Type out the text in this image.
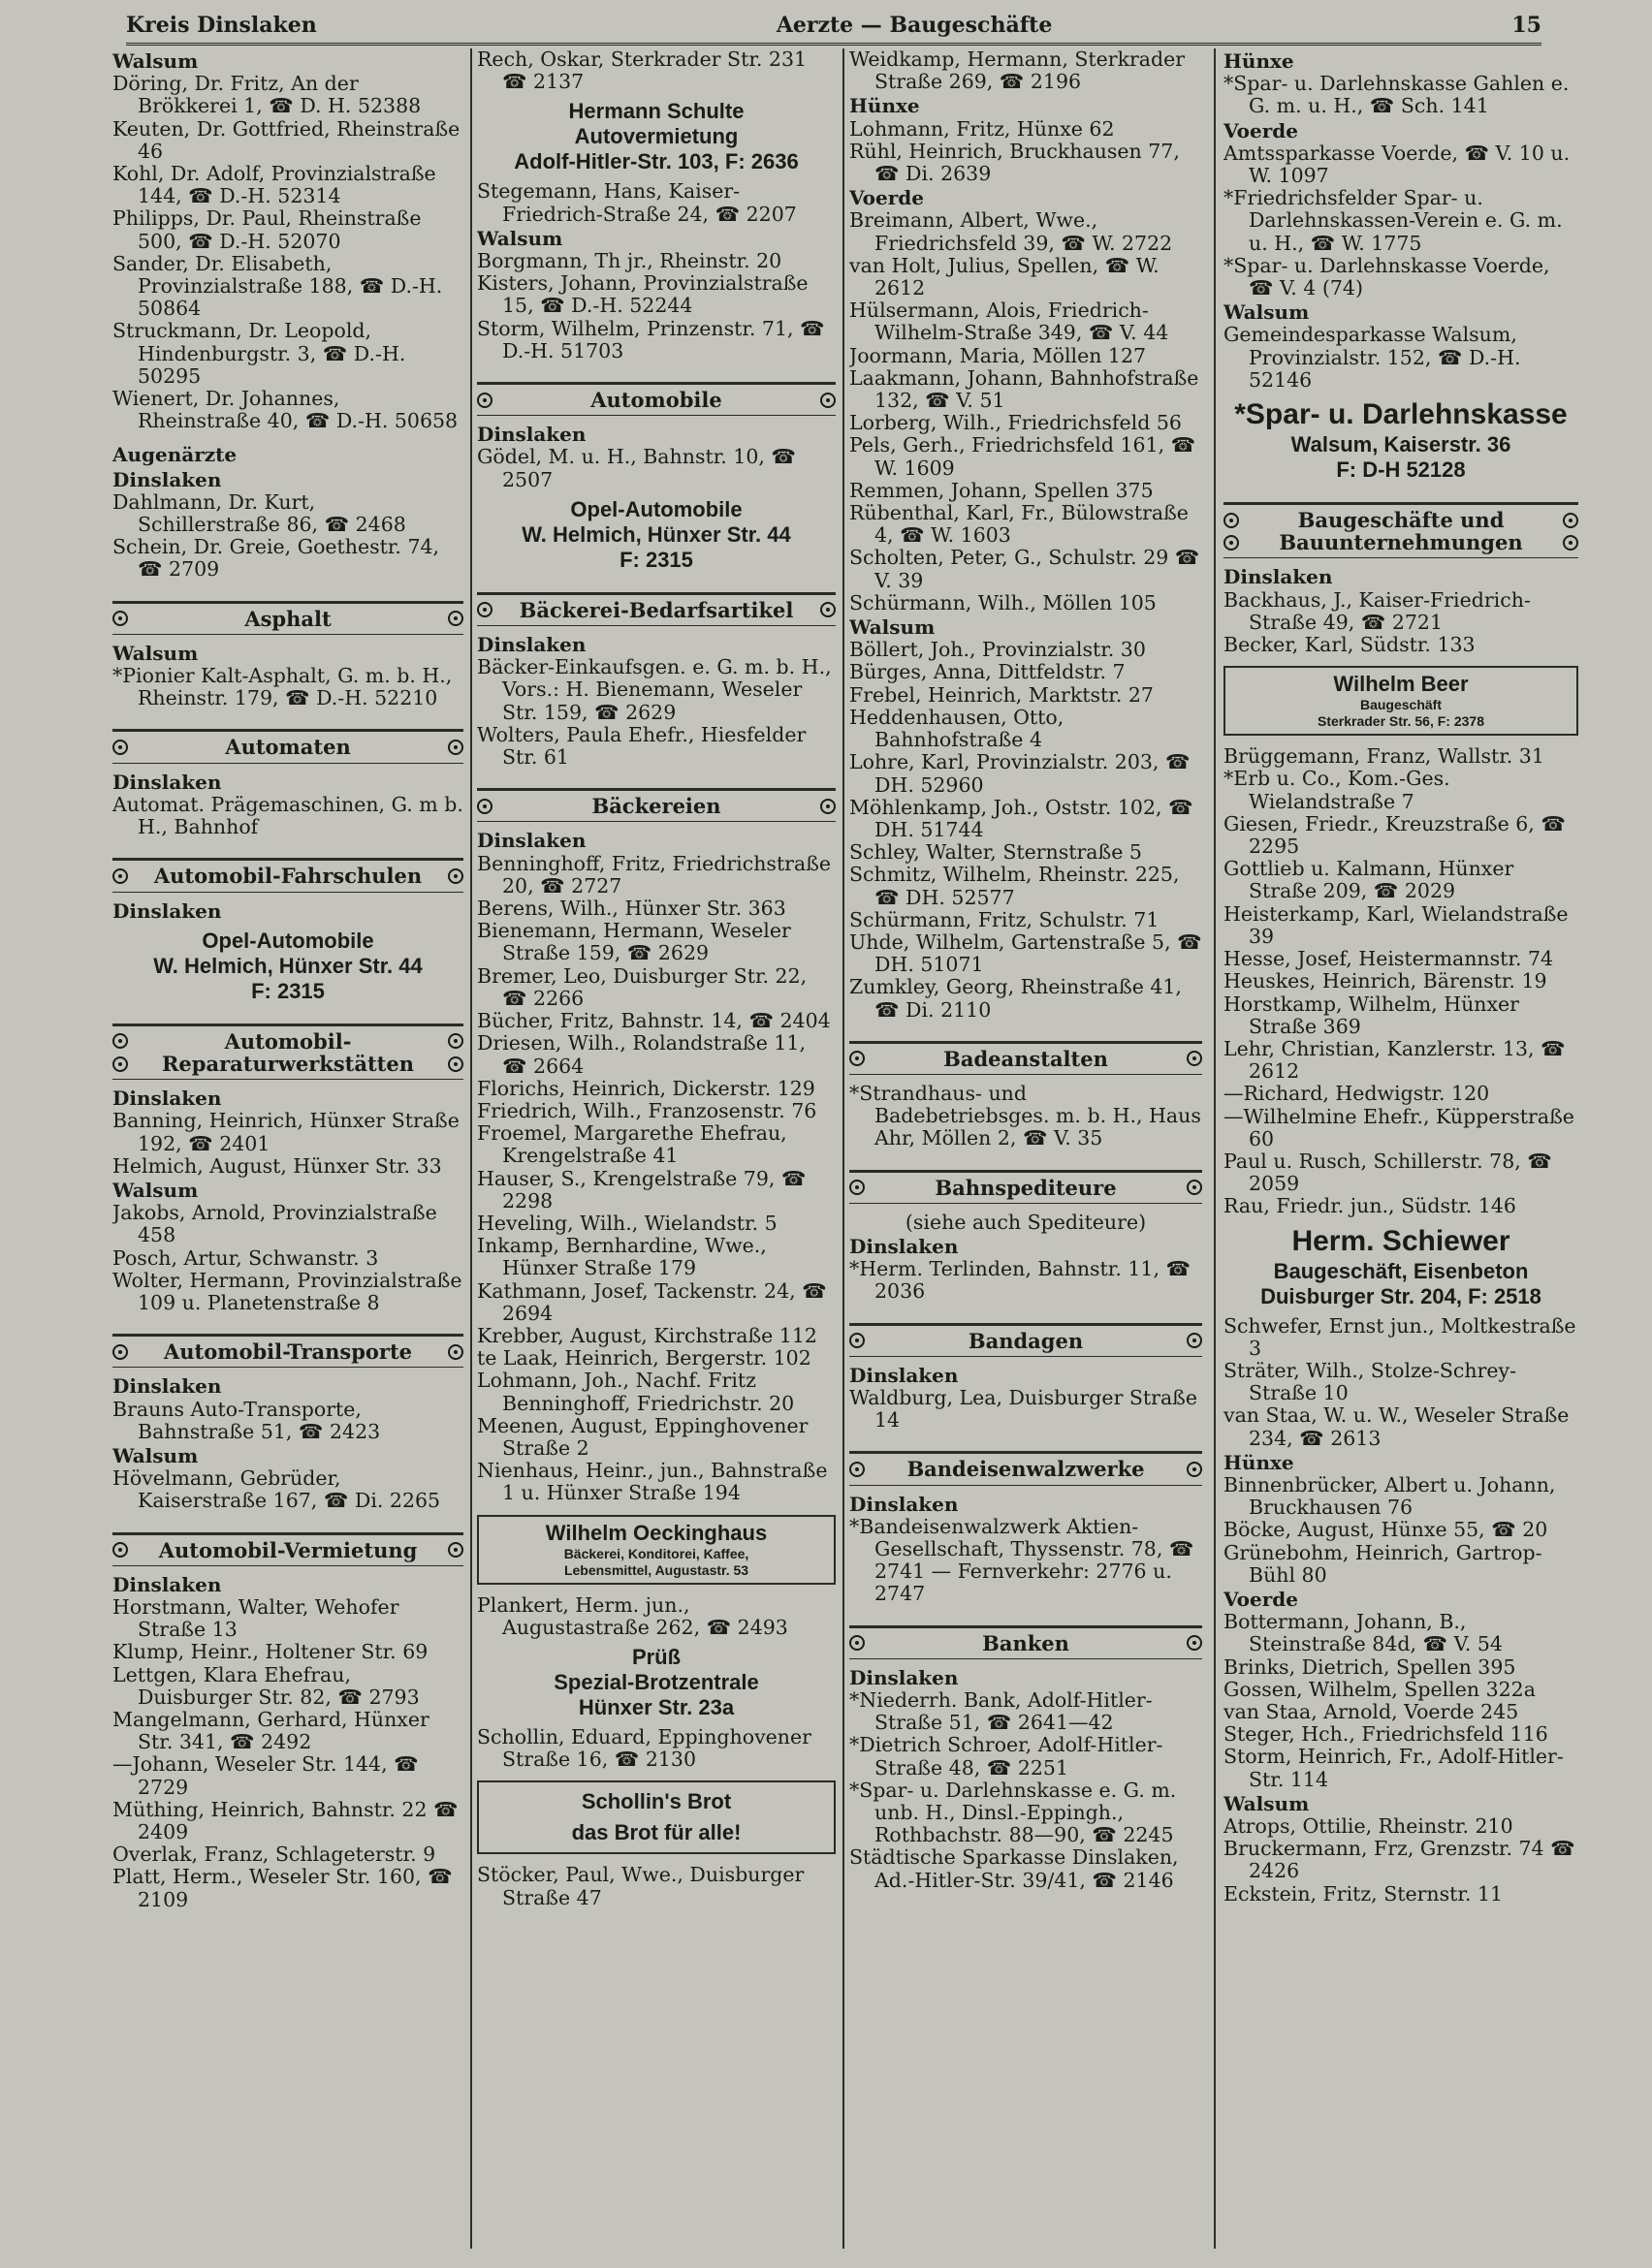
Kreis Dinslaken	Aerzte — Baugeschäfte	15
Walsum
Döring, Dr. Fritz, An der Brökkerei 1, ☎ D. H. 52388
Keuten, Dr. Gottfried, Rheinstraße 46
Kohl, Dr. Adolf, Provinzialstraße 144, ☎ D.-H. 52314
Philipps, Dr. Paul, Rheinstraße 500, ☎ D.-H. 52070
Sander, Dr. Elisabeth, Provinzialstraße 188, ☎ D.-H. 50864
Struckmann, Dr. Leopold, Hindenburgstr. 3, ☎ D.-H. 50295
Wienert, Dr. Johannes, Rheinstraße 40, ☎ D.-H. 50658
Augenärzte
Dinslaken
Dahlmann, Dr. Kurt, Schillerstraße 86, ☎ 2468
Schein, Dr. Greie, Goethestr. 74, ☎ 2709
Asphalt
Walsum
*Pionier Kalt-Asphalt, G. m. b. H., Rheinstr. 179, ☎ D.-H. 52210
Automaten
Dinslaken
Automat. Prägemaschinen, G. m b. H., Bahnhof
Automobil-Fahrschulen
Dinslaken
Opel-Automobile
W. Helmich, Hünxer Str. 44
F: 2315
Automobil-
Reparaturwerkstätten
Dinslaken
Banning, Heinrich, Hünxer Straße 192, ☎ 2401
Helmich, August, Hünxer Str. 33
Walsum
Jakobs, Arnold, Provinzialstraße 458
Posch, Artur, Schwanstr. 3
Wolter, Hermann, Provinzialstraße 109 u. Planetenstraße 8
Automobil-Transporte
Dinslaken
Brauns Auto-Transporte, Bahnstraße 51, ☎ 2423
Walsum
Hövelmann, Gebrüder, Kaiserstraße 167, ☎ Di. 2265
Automobil-Vermietung
Dinslaken
Horstmann, Walter, Wehofer Straße 13
Klump, Heinr., Holtener Str. 69
Lettgen, Klara Ehefrau, Duisburger Str. 82, ☎ 2793
Mangelmann, Gerhard, Hünxer Str. 341, ☎ 2492
—Johann, Weseler Str. 144, ☎ 2729
Müthing, Heinrich, Bahnstr. 22 ☎ 2409
Overlak, Franz, Schlageterstr. 9
Platt, Herm., Weseler Str. 160, ☎ 2109
Rech, Oskar, Sterkrader Str. 231 ☎ 2137
Hermann Schulte
Autovermietung
Adolf-Hitler-Str. 103, F: 2636
Stegemann, Hans, Kaiser-Friedrich-Straße 24, ☎ 2207
Walsum
Borgmann, Th jr., Rheinstr. 20
Kisters, Johann, Provinzialstraße 15, ☎ D.-H. 52244
Storm, Wilhelm, Prinzenstr. 71, ☎ D.-H. 51703
Automobile
Dinslaken
Gödel, M. u. H., Bahnstr. 10, ☎ 2507
Opel-Automobile
W. Helmich, Hünxer Str. 44
F: 2315
Bäckerei-Bedarfsartikel
Dinslaken
Bäcker-Einkaufsgen. e. G. m. b. H., Vors.: H. Bienemann, Weseler Str. 159, ☎ 2629
Wolters, Paula Ehefr., Hiesfelder Str. 61
Bäckereien
Dinslaken
Benninghoff, Fritz, Friedrichstraße 20, ☎ 2727
Berens, Wilh., Hünxer Str. 363
Bienemann, Hermann, Weseler Straße 159, ☎ 2629
Bremer, Leo, Duisburger Str. 22, ☎ 2266
Bücher, Fritz, Bahnstr. 14, ☎ 2404
Driesen, Wilh., Rolandstraße 11, ☎ 2664
Florichs, Heinrich, Dickerstr. 129
Friedrich, Wilh., Franzosenstr. 76
Froemel, Margarethe Ehefrau, Krengelstraße 41
Hauser, S., Krengelstraße 79, ☎ 2298
Heveling, Wilh., Wielandstr. 5
Inkamp, Bernhardine, Wwe., Hünxer Straße 179
Kathmann, Josef, Tackenstr. 24, ☎ 2694
Krebber, August, Kirchstraße 112
te Laak, Heinrich, Bergerstr. 102
Lohmann, Joh., Nachf. Fritz Benninghoff, Friedrichstr. 20
Meenen, August, Eppinghovener Straße 2
Nienhaus, Heinr., jun., Bahnstraße 1 u. Hünxer Straße 194
Wilhelm Oeckinghaus
Bäckerei, Konditorei, Kaffee,
Lebensmittel, Augustastr. 53
Plankert, Herm. jun., Augustastraße 262, ☎ 2493
Prüß
Spezial-Brotzentrale
Hünxer Str. 23a
Schollin, Eduard, Eppinghovener Straße 16, ☎ 2130
Schollin's Brot
das Brot für alle!
Stöcker, Paul, Wwe., Duisburger Straße 47
Weidkamp, Hermann, Sterkrader Straße 269, ☎ 2196
Hünxe
Lohmann, Fritz, Hünxe 62
Rühl, Heinrich, Bruckhausen 77, ☎ Di. 2639
Voerde
Breimann, Albert, Wwe., Friedrichsfeld 39, ☎ W. 2722
van Holt, Julius, Spellen, ☎ W. 2612
Hülsermann, Alois, Friedrich-Wilhelm-Straße 349, ☎ V. 44
Joormann, Maria, Möllen 127
Laakmann, Johann, Bahnhofstraße 132, ☎ V. 51
Lorberg, Wilh., Friedrichsfeld 56
Pels, Gerh., Friedrichsfeld 161, ☎ W. 1609
Remmen, Johann, Spellen 375
Rübenthal, Karl, Fr., Bülowstraße 4, ☎ W. 1603
Scholten, Peter, G., Schulstr. 29 ☎ V. 39
Schürmann, Wilh., Möllen 105
Walsum
Böllert, Joh., Provinzialstr. 30
Bürges, Anna, Dittfeldstr. 7
Frebel, Heinrich, Marktstr. 27
Heddenhausen, Otto, Bahnhofstraße 4
Lohre, Karl, Provinzialstr. 203, ☎ DH. 52960
Möhlenkamp, Joh., Oststr. 102, ☎ DH. 51744
Schley, Walter, Sternstraße 5
Schmitz, Wilhelm, Rheinstr. 225, ☎ DH. 52577
Schürmann, Fritz, Schulstr. 71
Uhde, Wilhelm, Gartenstraße 5, ☎ DH. 51071
Zumkley, Georg, Rheinstraße 41, ☎ Di. 2110
Badeanstalten
*Strandhaus- und Badebetriebsges. m. b. H., Haus Ahr, Möllen 2, ☎ V. 35
Bahnspediteure
(siehe auch Spediteure)
Dinslaken
*Herm. Terlinden, Bahnstr. 11, ☎ 2036
Bandagen
Dinslaken
Waldburg, Lea, Duisburger Straße 14
Bandeisenwalzwerke
Dinslaken
*Bandeisenwalzwerk Aktien-Gesellschaft, Thyssenstr. 78, ☎ 2741 — Fernverkehr: 2776 u. 2747
Banken
Dinslaken
*Niederrh. Bank, Adolf-Hitler-Straße 51, ☎ 2641—42
*Dietrich Schroer, Adolf-Hitler-Straße 48, ☎ 2251
*Spar- u. Darlehnskasse e. G. m. unb. H., Dinsl.-Eppingh., Rothbachstr. 88—90, ☎ 2245
Städtische Sparkasse Dinslaken, Ad.-Hitler-Str. 39/41, ☎ 2146
Hünxe
*Spar- u. Darlehnskasse Gahlen e. G. m. u. H., ☎ Sch. 141
Voerde
Amtssparkasse Voerde, ☎ V. 10 u. W. 1097
*Friedrichsfelder Spar- u. Darlehnskassen-Verein e. G. m. u. H., ☎ W. 1775
*Spar- u. Darlehnskasse Voerde, ☎ V. 4 (74)
Walsum
Gemeindesparkasse Walsum, Provinzialstr. 152, ☎ D.-H. 52146
*Spar- u. Darlehnskasse
Walsum, Kaiserstr. 36
F: D-H 52128
Baugeschäfte und
Bauunternehmungen
Dinslaken
Backhaus, J., Kaiser-Friedrich-Straße 49, ☎ 2721
Becker, Karl, Südstr. 133
Wilhelm Beer
Baugeschäft
Sterkrader Str. 56, F: 2378
Brüggemann, Franz, Wallstr. 31
*Erb u. Co., Kom.-Ges. Wielandstraße 7
Giesen, Friedr., Kreuzstraße 6, ☎ 2295
Gottlieb u. Kalmann, Hünxer Straße 209, ☎ 2029
Heisterkamp, Karl, Wielandstraße 39
Hesse, Josef, Heistermannstr. 74
Heuskes, Heinrich, Bärenstr. 19
Horstkamp, Wilhelm, Hünxer Straße 369
Lehr, Christian, Kanzlerstr. 13, ☎ 2612
—Richard, Hedwigstr. 120
—Wilhelmine Ehefr., Küpperstraße 60
Paul u. Rusch, Schillerstr. 78, ☎ 2059
Rau, Friedr. jun., Südstr. 146
Herm. Schiewer
Baugeschäft, Eisenbeton
Duisburger Str. 204, F: 2518
Schwefer, Ernst jun., Moltkestraße 3
Sträter, Wilh., Stolze-Schrey-Straße 10
van Staa, W. u. W., Weseler Straße 234, ☎ 2613
Hünxe
Binnenbrücker, Albert u. Johann, Bruckhausen 76
Böcke, August, Hünxe 55, ☎ 20
Grünebohm, Heinrich, Gartrop-Bühl 80
Voerde
Bottermann, Johann, B., Steinstraße 84d, ☎ V. 54
Brinks, Dietrich, Spellen 395
Gossen, Wilhelm, Spellen 322a
van Staa, Arnold, Voerde 245
Steger, Hch., Friedrichsfeld 116
Storm, Heinrich, Fr., Adolf-Hitler-Str. 114
Walsum
Atrops, Ottilie, Rheinstr. 210
Bruckermann, Frz, Grenzstr. 74 ☎ 2426
Eckstein, Fritz, Sternstr. 11
